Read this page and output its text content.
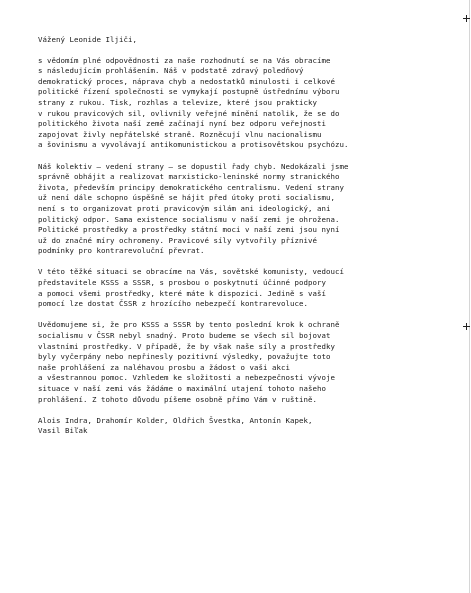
Vážený Leonide Iljiči,
s vědomím plné odpovědnosti za naše rozhodnutí se na Vás obracíme
s následujícím prohlášením. Náš v podstatě zdravý poledňový
demokratický proces, náprava chyb a nedostatků minulosti i celkové
politické řízení společnosti se vymykají postupně ústřednímu výboru
strany z rukou. Tisk, rozhlas a televize, které jsou prakticky
v rukou pravicových sil, ovlivnily veřejné mínění natolik, že se do
politického života naší země začínají nyní bez odporu veřejnosti
zapojovat živly nepřátelské straně. Rozněcují vlnu nacionalismu
a šovinismu a vyvolávají antikomunistickou a protisovětskou psychózu.
Náš kolektiv – vedení strany – se dopustil řady chyb. Nedokázali jsme
správně obhájit a realizovat marxisticko-leninské normy stranického
života, především principy demokratického centralismu. Vedení strany
už není dále schopno úspěšně se hájit před útoky proti socialismu,
není s to organizovat proti pravicovým silám ani ideologický, ani
politický odpor. Sama existence socialismu v naší zemi je ohrožena.
Politické prostředky a prostředky státní moci v naší zemi jsou nyní
už do značné míry ochromeny. Pravicové síly vytvořily příznivé
podmínky pro kontrarevoluční převrat.
V této těžké situaci se obracíme na Vás, sovětské komunisty, vedoucí
představitele KSSS a SSSR, s prosbou o poskytnutí účinné podpory
a pomoci všemi prostředky, které máte k dispozici. Jedině s vaší
pomocí lze dostat ČSSR z hrozícího nebezpečí kontrarevoluce.
Uvědomujeme si, že pro KSSS a SSSR by tento poslední krok k ochraně
socialismu v ČSSR nebyl snadný. Proto budeme se všech sil bojovat
vlastními prostředky. V případě, že by však naše síly a prostředky
byly vyčerpány nebo nepřinesly pozitivní výsledky, považujte toto
naše prohlášení za naléhavou prosbu a žádost o vaši akci
a všestrannou pomoc. Vzhledem ke složitosti a nebezpečnosti vývoje
situace v naší zemi vás žádáme o maximální utajení tohoto našeho
prohlášení. Z tohoto důvodu píšeme osobně přímo Vám v ruštině.
Alois Indra, Drahomír Kolder, Oldřich Švestka, Antonín Kapek,
Vasil Biľak
